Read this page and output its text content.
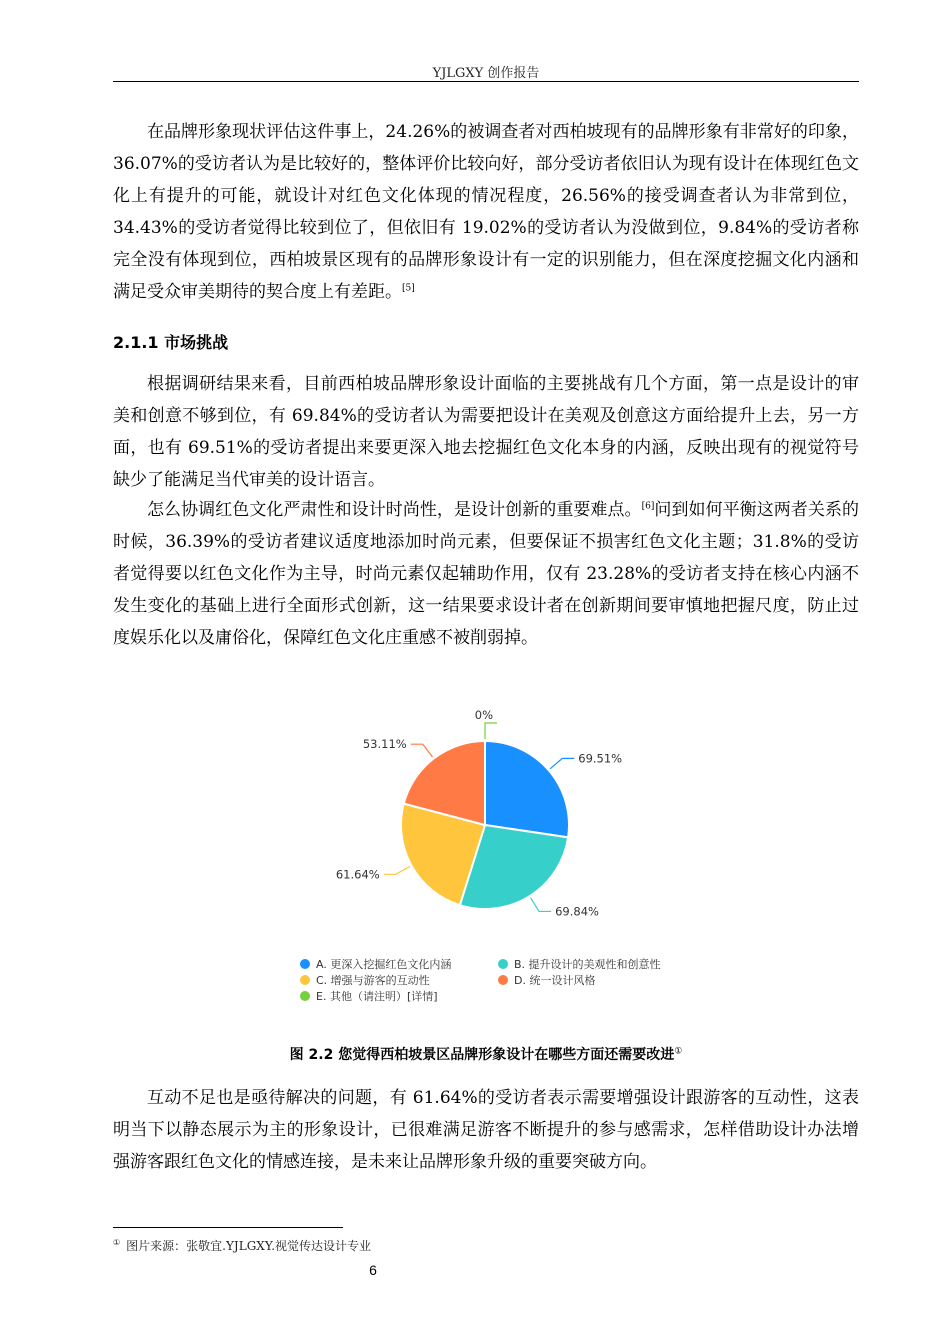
YJLGXY 创作报告

在品牌形象现状评估这件事上，24.26%的被调查者对西柏坡现有的品牌形象有非常好的印象，36.07%的受访者认为是比较好的，整体评价比较向好，部分受访者依旧认为现有设计在体现红色文化上有提升的可能，就设计对红色文化体现的情况程度，26.56%的接受调查者认为非常到位，34.43%的受访者觉得比较到位了，但依旧有 19.02%的受访者认为没做到位，9.84%的受访者称完全没有体现到位，西柏坡景区现有的品牌形象设计有一定的识别能力，但在深度挖掘文化内涵和满足受众审美期待的契合度上有差距。[5]

2.1.1 市场挑战

根据调研结果来看，目前西柏坡品牌形象设计面临的主要挑战有几个方面，第一点是设计的审美和创意不够到位，有 69.84%的受访者认为需要把设计在美观及创意这方面给提升上去，另一方面，也有 69.51%的受访者提出来要更深入地去挖掘红色文化本身的内涵，反映出现有的视觉符号缺少了能满足当代审美的设计语言。

怎么协调红色文化严肃性和设计时尚性，是设计创新的重要难点。[6]问到如何平衡这两者关系的时候，36.39%的受访者建议适度地添加时尚元素，但要保证不损害红色文化主题；31.8%的受访者觉得要以红色文化作为主导，时尚元素仅起辅助作用，仅有 23.28%的受访者支持在核心内涵不发生变化的基础上进行全面形式创新，这一结果要求设计者在创新期间要审慎地把握尺度，防止过度娱乐化以及庸俗化，保障红色文化庄重感不被削弱掉。

69.51%
69.84%
61.64%
53.11%
0%
A. 更深入挖掘红色文化内涵	B. 提升设计的美观性和创意性
C. 增强与游客的互动性	D. 统一设计风格
E. 其他（请注明）[详情]
图 2.2 您觉得西柏坡景区品牌形象设计在哪些方面还需要改进①

互动不足也是亟待解决的问题，有 61.64%的受访者表示需要增强设计跟游客的互动性，这表明当下以静态展示为主的形象设计，已很难满足游客不断提升的参与感需求，怎样借助设计办法增强游客跟红色文化的情感连接，是未来让品牌形象升级的重要突破方向。

① 图片来源：张敬宜.YJLGXY.视觉传达设计专业
6
